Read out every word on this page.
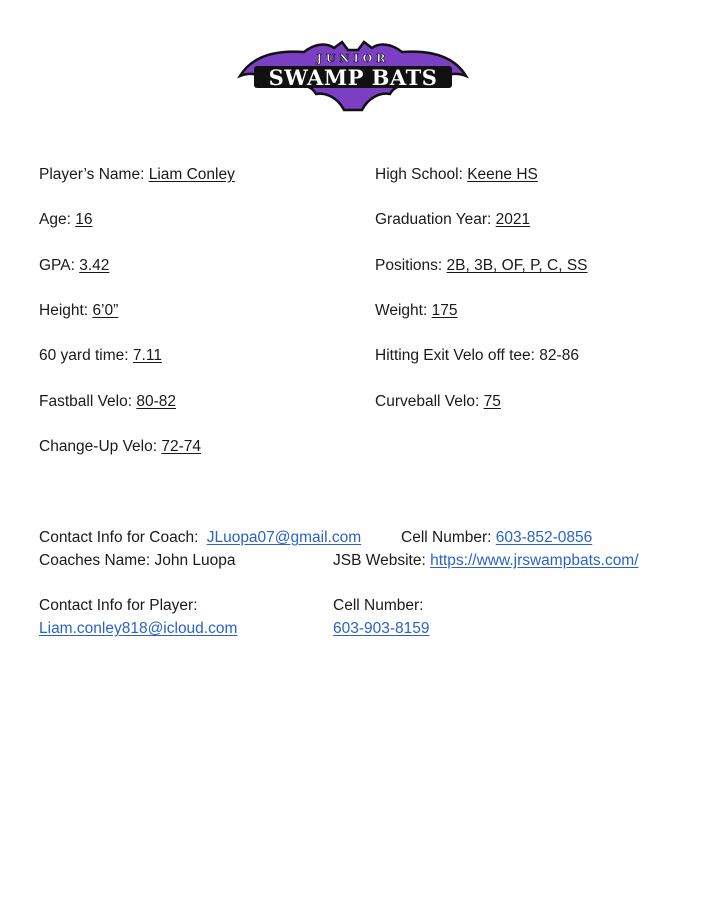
JUNIOR
SWAMP BATS
Player’s Name: Liam Conley
Age: 16
GPA: 3.42
Height: 6’0”
60 yard time: 7.11
Fastball Velo: 80-82
Change-Up Velo: 72-74
High School: Keene HS
Graduation Year: 2021
Positions: 2B, 3B, OF, P, C, SS
Weight: 175
Hitting Exit Velo off tee: 82-86
Curveball Velo: 75
Contact Info for Coach: JLuopa07@gmail.com	Cell Number: 603-852-0856
Coaches Name: John Luopa	JSB Website: https://www.jrswampbats.com/
Contact Info for Player:	Cell Number:
Liam.conley818@icloud.com	603-903-8159
